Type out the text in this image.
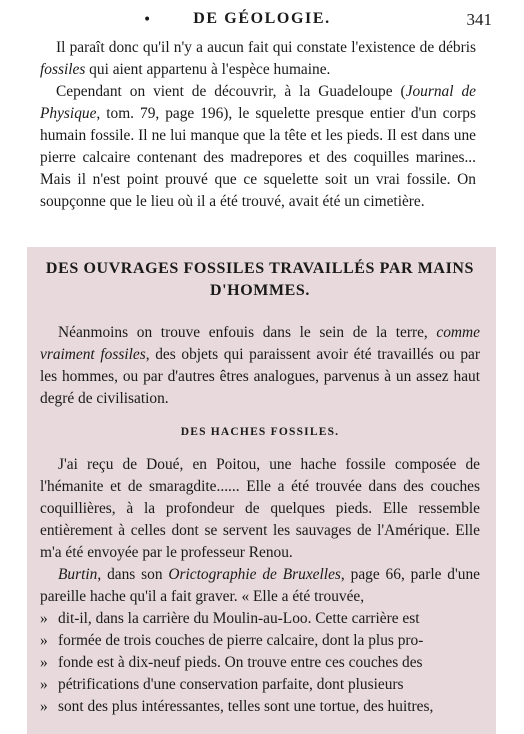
•	DE GÉOLOGIE.	341

Il paraît donc qu'il n'y a aucun fait qui constate l'existence de débris fossiles qui aient appartenu à l'espèce humaine.

Cependant on vient de découvrir, à la Guadeloupe (Journal de Physique, tom. 79, page 196), le squelette presque entier d'un corps humain fossile. Il ne lui manque que la tête et les pieds. Il est dans une pierre calcaire contenant des madrepores et des coquilles marines... Mais il n'est point prouvé que ce squelette soit un vrai fossile. On soupçonne que le lieu où il a été trouvé, avait été un cimetière.

DES OUVRAGES FOSSILES TRAVAILLÉS PAR MAINS D'HOMMES.

Néanmoins on trouve enfouis dans le sein de la terre, comme vraiment fossiles, des objets qui paraissent avoir été travaillés ou par les hommes, ou par d'autres êtres analogues, parvenus à un assez haut degré de civilisation.

DES HACHES FOSSILES.

J'ai reçu de Doué, en Poitou, une hache fossile composée de l'hémanite et de smaragdite...... Elle a été trouvée dans des couches coquillières, à la profondeur de quelques pieds. Elle ressemble entièrement à celles dont se servent les sauvages de l'Amérique. Elle m'a été envoyée par le professeur Renou.

Burtin, dans son Orictographie de Bruxelles, page 66, parle d'une pareille hache qu'il a fait graver. « Elle a été trouvée,

» dit-il, dans la carrière du Moulin-au-Loo. Cette carrière est

» formée de trois couches de pierre calcaire, dont la plus pro-

» fonde est à dix-neuf pieds. On trouve entre ces couches des

» pétrifications d'une conservation parfaite, dont plusieurs

» sont des plus intéressantes, telles sont une tortue, des huitres,
